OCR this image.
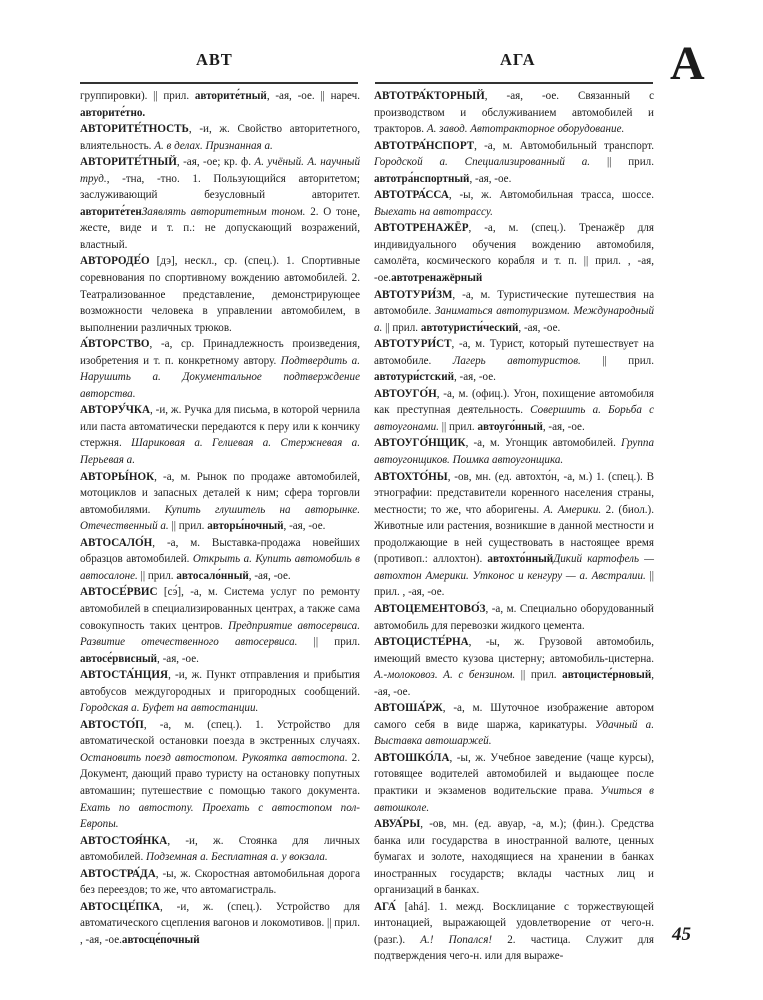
АВТ	АГА	А

группировки). || прил. авторите́тный, -ая, -ое. || нареч. авторите́тно.

АВТОРИТЕ́ТНОСТЬ, -и, ж. Свойство авторитетного, влиятельность. А. в делах. Признанная а.

АВТОРИТЕ́ТНЫЙ, -ая, -ое; кр. ф. А. учёный. А. научный труд., -тна, -тно. 1. Пользующийся авторитетом; заслуживающий безусловный авторитет. авторите́тенЗаявлять авторитетным тоном. 2. О тоне, жесте, виде и т. п.: не допускающий возражений, властный.

АВТОРОДЕ́О [дэ], нескл., ср. (спец.). 1. Спортивные соревнования по спортивному вождению автомобилей. 2. Театрализованное представление, демонстрирующее возможности человека в управлении автомобилем, в выполнении различных трюков.

А́ВТОРСТВО, -а, ср. Принадлежность произведения, изобретения и т. п. конкретному автору. Подтвердить а. Нарушить а. Документальное подтверждение авторства.

АВТОРУ́ЧКА, -и, ж. Ручка для письма, в которой чернила или паста автоматически передаются к перу или к кончику стержня. Шариковая а. Гелиевая а. Стержневая а. Перьевая а.

АВТОРЫ́НОК, -а, м. Рынок по продаже автомобилей, мотоциклов и запасных деталей к ним; сфера торговли автомобилями. Купить глушитель на авторынке. Отечественный а. || прил. авторы́ночный, -ая, -ое.

АВТОСАЛО́Н, -а, м. Выставка-продажа новейших образцов автомобилей. Открыть а. Купить автомобиль в автосалоне. || прил. автосало́нный, -ая, -ое.

АВТОСЕ́РВИС [сэ́], -а, м. Система услуг по ремонту автомобилей в специализированных центрах, а также сама совокупность таких центров. Предприятие автосервиса. Развитие отечественного автосервиса. || прил. автосе́рвисный, -ая, -ое.

АВТОСТА́НЦИЯ, -и, ж. Пункт отправления и прибытия автобусов междугородных и пригородных сообщений. Городская а. Буфет на автостанции.

АВТОСТО́П, -а, м. (спец.). 1. Устройство для автоматической остановки поезда в экстренных случаях. Остановить поезд автостопом. Рукоятка автостопа. 2. Документ, дающий право туристу на остановку попутных автомашин; путешествие с помощью такого документа. Ехать по автостопу. Проехать с автостопом пол-Европы.

АВТОСТОЯ́НКА, -и, ж. Стоянка для личных автомобилей. Подземная а. Бесплатная а. у вокзала.

АВТОСТРА́ДА, -ы, ж. Скоростная автомобильная дорога без переездов; то же, что автомагистраль.

АВТОСЦЕ́ПКА, -и, ж. (спец.). Устройство для автоматического сцепления вагонов и локомотивов. || прил. , -ая, -ое.автосце́почный

АВТОТРА́КТОРНЫЙ, -ая, -ое. Связанный с производством и обслуживанием автомобилей и тракторов. А. завод. Автотракторное оборудование.

АВТОТРА́НСПОРТ, -а, м. Автомобильный транспорт. Городской а. Специализированный а. || прил. автотра́нспортный, -ая, -ое.

АВТОТРА́ССА, -ы, ж. Автомобильная трасса, шоссе. Выехать на автотрассу.

АВТОТРЕНАЖЁР, -а, м. (спец.). Тренажёр для индивидуального обучения вождению автомобиля, самолёта, космического корабля и т. п. || прил. , -ая, -ое.автотренажёрный

АВТОТУРИ́ЗМ, -а, м. Туристические путешествия на автомобиле. Заниматься автотуризмом. Международный а. || прил. автотуристи́ческий, -ая, -ое.

АВТОТУРИ́СТ, -а, м. Турист, который путешествует на автомобиле. Лагерь автотуристов. || прил. автотури́стский, -ая, -ое.

АВТОУГО́Н, -а, м. (офиц.). Угон, похищение автомобиля как преступная деятельность. Совершить а. Борьба с автоугонами. || прил. автоуго́нный, -ая, -ое.

АВТОУГО́НЩИК, -а, м. Угонщик автомобилей. Группа автоугонщиков. Поимка автоугонщика.

АВТОХТО́НЫ, -ов, мн. (ед. автохто́н, -а, м.) 1. (спец.). В этнографии: представители коренного населения страны, местности; то же, что аборигены. А. Америки. 2. (биол.). Животные или растения, возникшие в данной местности и продолжающие в ней существовать в настоящее время (противоп.: аллохтон). автохто́нныйДикий картофель — автохтон Америки. Утконос и кенгуру — а. Австралии. || прил. , -ая, -ое.

АВТОЦЕМЕНТОВО́З, -а, м. Специально оборудованный автомобиль для перевозки жидкого цемента.

АВТОЦИСТЕ́РНА, -ы, ж. Грузовой автомобиль, имеющий вместо кузова цистерну; автомобиль-цистерна. А.-молоковоз. А. с бензином. || прил. автоцисте́рновый, -ая, -ое.

АВТОША́РЖ, -а, м. Шуточное изображение автором самого себя в виде шаржа, карикатуры. Удачный а. Выставка автошаржей.

АВТОШКО́ЛА, -ы, ж. Учебное заведение (чаще курсы), готовящее водителей автомобилей и выдающее после практики и экзаменов водительские права. Учиться в автошколе.

АВУА́РЫ, -ов, мн. (ед. авуар, -а, м.); (фин.). Средства банка или государства в иностранной валюте, ценных бумагах и золоте, находящиеся на хранении в банках иностранных государств; вклады частных лиц и организаций в банках.

АГА́ [ahá]. 1. межд. Восклицание с торжествующей интонацией, выражающей удовлетворение от чего-н. (разг.). А.! Попался! 2. частица. Служит для подтверждения чего-н. или для выраже-

45
